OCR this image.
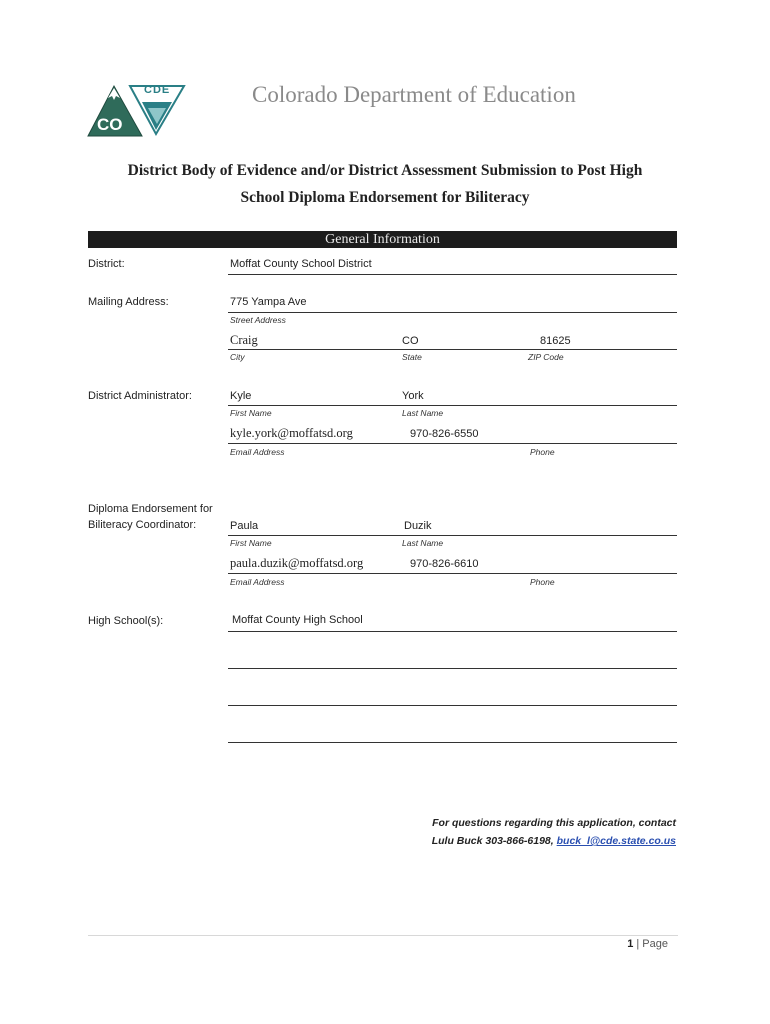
CDE
CO
Colorado Department of Education
District Body of Evidence and/or District Assessment Submission to Post High
School Diploma Endorsement for Biliteracy
General Information
District:	Moffat County School District
Mailing Address:	775 Yampa Ave
Street Address
Craig	CO	81625
City	State	ZIP Code
District Administrator:	Kyle	York
First Name	Last Name
kyle.york@moffatsd.org	970-826-6550
Email Address	Phone
Diploma Endorsement for
Biliteracy Coordinator:	Paula	Duzik
First Name	Last Name
paula.duzik@moffatsd.org	970-826-6610
Email Address	Phone
High School(s):	Moffat County High School
For questions regarding this application, contact
Lulu Buck 303-866-6198, buck_l@cde.state.co.us
1 | Page
